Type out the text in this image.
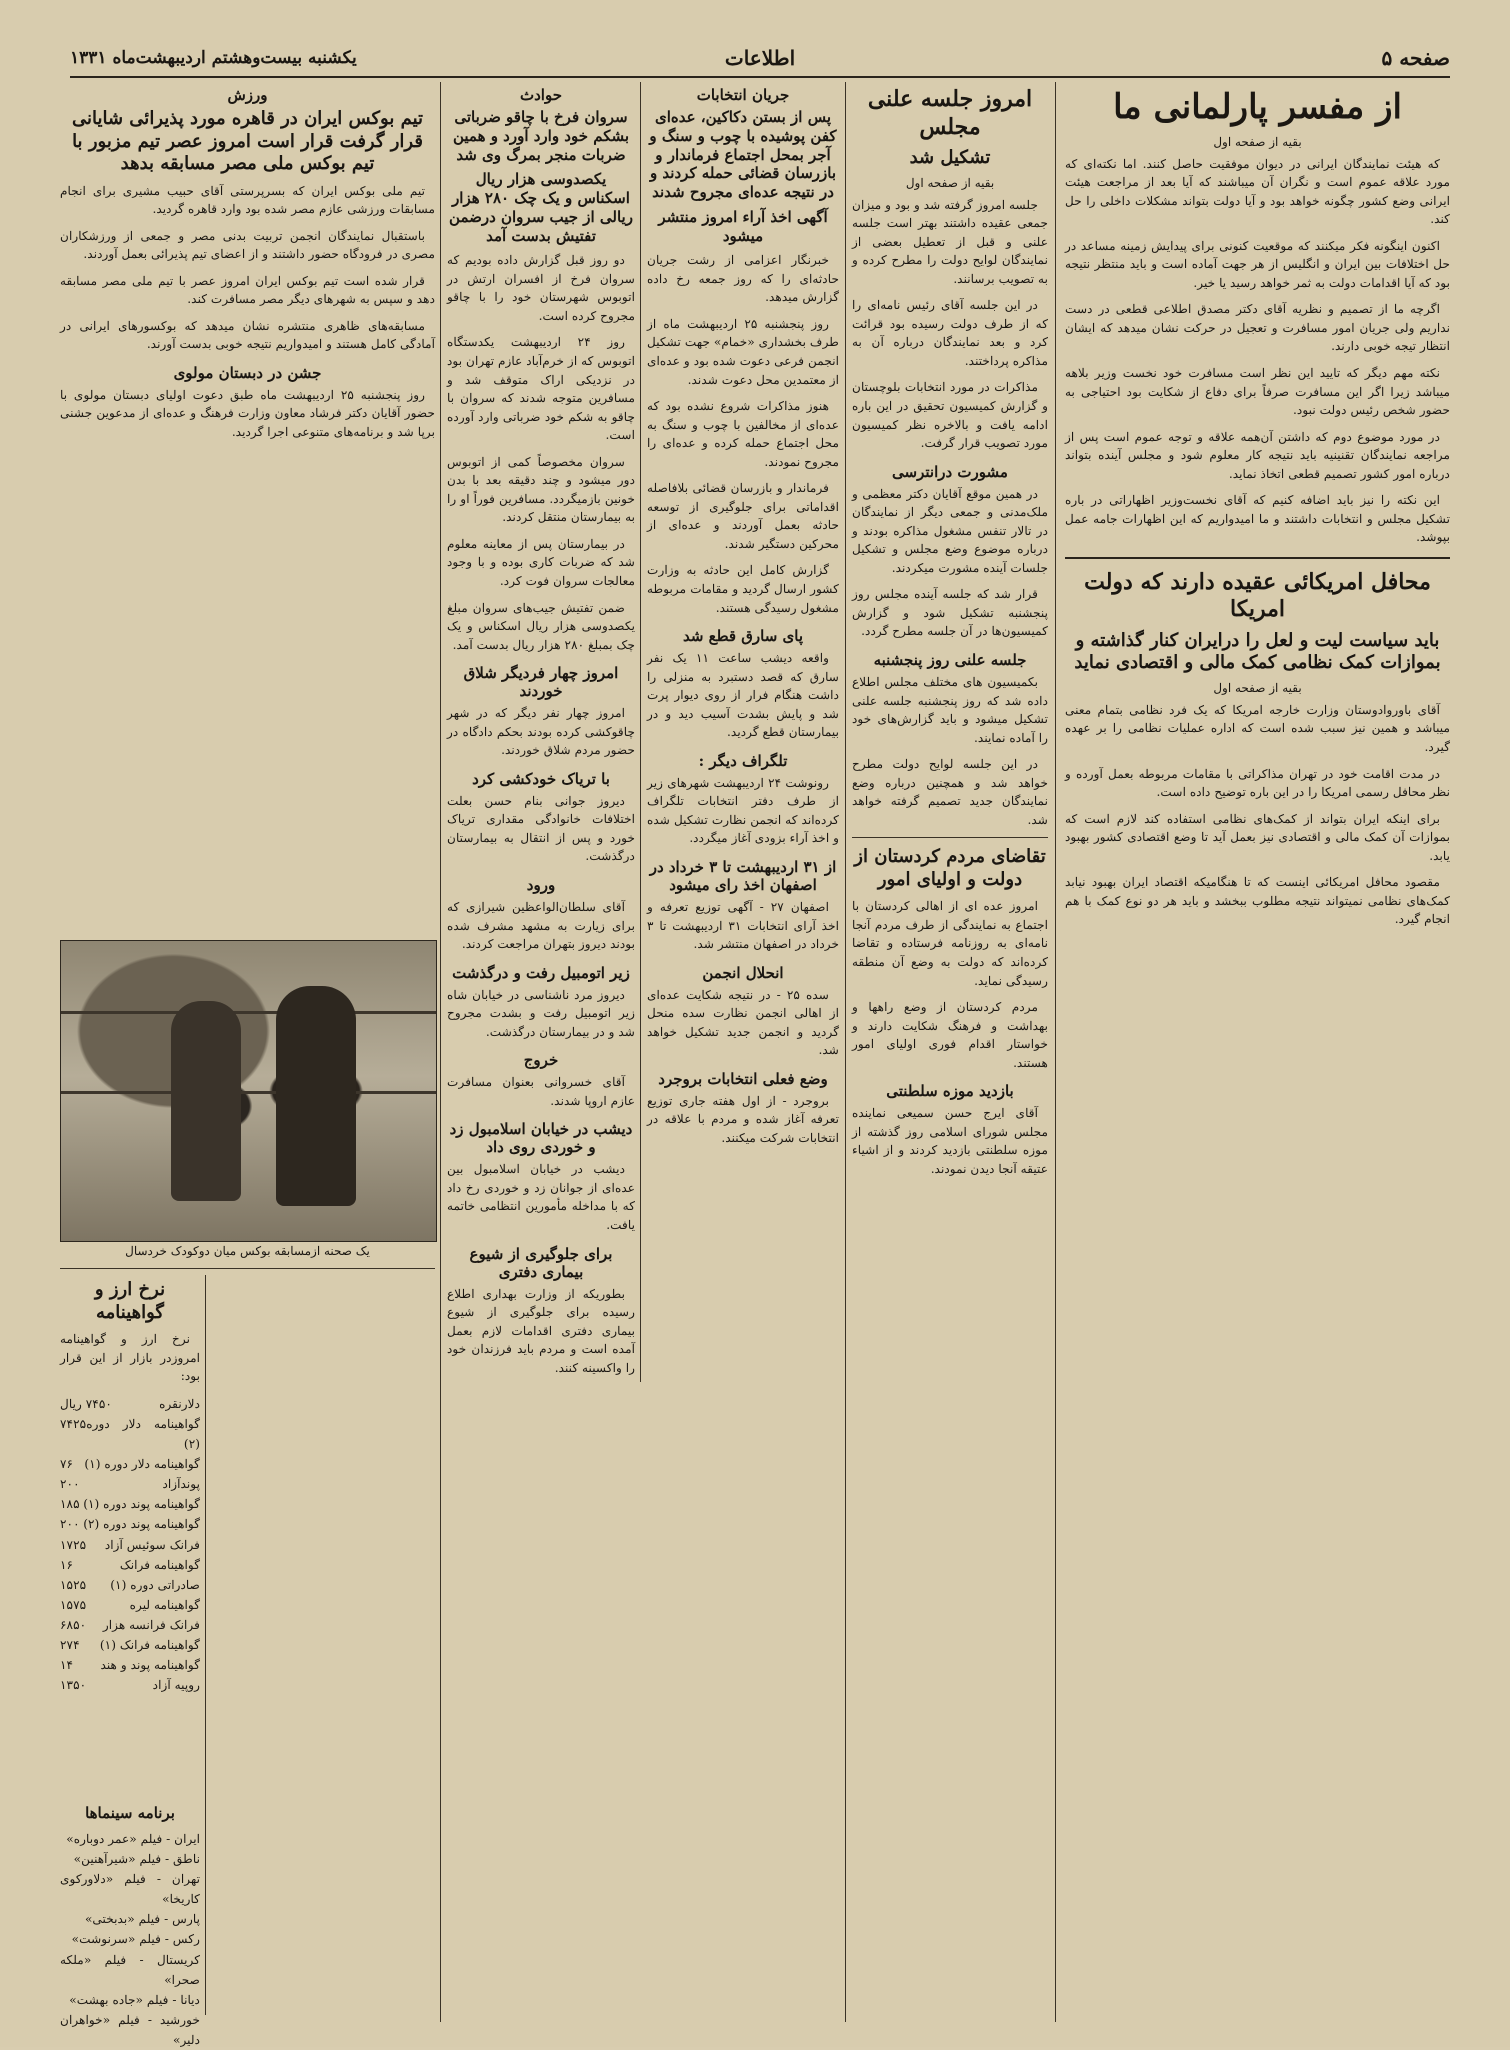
صفحه ۵
اطلاعات
یکشنبه بیست‌وهشتم اردیبهشت‌ماه ۱۳۳۱
از مفسر پارلمانی ما
بقیه از صفحه اول

که هیئت نمایندگان ایرانی در دیوان موفقیت حاصل کنند. اما نکته‌ای که مورد علاقه عموم است و نگران آن میباشند که آیا بعد از مراجعت هیئت ایرانی وضع کشور چگونه خواهد بود و آیا دولت بتواند مشکلات داخلی را حل کند.

اکنون اینگونه فکر میکنند که موقعیت کنونی برای پیدایش زمینه مساعد در حل اختلافات بین ایران و انگلیس از هر جهت آماده است و باید منتظر نتیجه بود که آیا اقدامات دولت به ثمر خواهد رسید یا خیر.

اگرچه ما از تصمیم و نظریه آقای دکتر مصدق اطلاعی قطعی در دست نداریم ولی جریان امور مسافرت و تعجیل در حرکت نشان میدهد که ایشان انتظار تیجه خوبی دارند.

نکته مهم دیگر که تایید این نظر است مسافرت خود نخست وزیر بلاهه میباشد زیرا اگر این مسافرت صرفاً برای دفاع از شکایت بود احتیاجی به حضور شخص رئیس دولت نبود.

در مورد موضوع دوم که داشتن آن‌همه علاقه و توجه عموم است پس از مراجعه نمایندگان تقنینیه باید نتیجه کار معلوم شود و مجلس آینده بتواند درباره امور کشور تصمیم قطعی اتخاذ نماید.

این نکته را نیز باید اضافه کنیم که آقای نخست‌وزیر اظهاراتی در باره تشکیل مجلس و انتخابات داشتند و ما امیدواریم که این اظهارات جامه عمل بپوشد.

محافل امریکائی عقیده دارند که دولت امریکا
باید سیاست لیت و لعل را درایران کنار گذاشته و بموازات کمک نظامی کمک مالی و اقتصادی نماید
بقیه از صفحه اول

آقای باوروادوستان وزارت خارجه امریکا که یک فرد نظامی بتمام معنی میباشد و همین نیز سبب شده است که اداره عملیات نظامی را بر عهده گیرد.

در مدت اقامت خود در تهران مذاکراتی با مقامات مربوطه بعمل آورده و نظر محافل رسمی امریکا را در این باره توضیح داده است.

برای اینکه ایران بتواند از کمک‌های نظامی استفاده کند لازم است که بموازات آن کمک مالی و اقتصادی نیز بعمل آید تا وضع اقتصادی کشور بهبود یابد.

مقصود محافل امریکائی اینست که تا هنگامیکه اقتصاد ایران بهبود نیابد کمک‌های نظامی نمیتواند نتیجه مطلوب ببخشد و باید هر دو نوع کمک با هم انجام گیرد.

امروز جلسه علنی مجلس
تشکیل شد
بقیه از صفحه اول

جلسه امروز گرفته شد و بود و میزان جمعی عقیده داشتند بهتر است جلسه علنی و قبل از تعطیل بعضی از نمایندگان لوایح دولت را مطرح کرده و به تصویب برسانند.

در این جلسه آقای رئیس نامه‌ای را که از طرف دولت رسیده بود قرائت کرد و بعد نمایندگان درباره آن به مذاکره پرداختند.

مذاکرات در مورد انتخابات بلوچستان و گزارش کمیسیون تحقیق در این باره ادامه یافت و بالاخره نظر کمیسیون مورد تصویب قرار گرفت.

مشورت درانترسی

در همین موقع آقایان دکتر معظمی و ملک‌مدنی و جمعی دیگر از نمایندگان در تالار تنفس مشغول مذاکره بودند و درباره موضوع وضع مجلس و تشکیل جلسات آینده مشورت میکردند.

قرار شد که جلسه آینده مجلس روز پنجشنبه تشکیل شود و گزارش کمیسیون‌ها در آن جلسه مطرح گردد.

جلسه علنی روز پنجشنبه

بکمیسیون های مختلف مجلس اطلاع داده شد که روز پنجشنبه جلسه علنی تشکیل میشود و باید گزارش‌های خود را آماده نمایند.

در این جلسه لوایح دولت مطرح خواهد شد و همچنین درباره وضع نمایندگان جدید تصمیم گرفته خواهد شد.

تقاضای مردم کردستان از دولت و اولیای امور

امروز عده ای از اهالی کردستان با اجتماع به نمایندگی از طرف مردم آنجا نامه‌ای به روزنامه فرستاده و تقاضا کرده‌اند که دولت به وضع آن منطقه رسیدگی نماید.

مردم کردستان از وضع راهها و بهداشت و فرهنگ شکایت دارند و خواستار اقدام فوری اولیای امور هستند.

بازدید موزه سلطنتی

آقای ایرج حسن سمیعی نماینده مجلس شورای اسلامی روز گذشته از موزه سلطنتی بازدید کردند و از اشیاء عتیقه آنجا دیدن نمودند.

جریان انتخابات
پس از بستن دکاکین، عده‌ای کفن پوشیده با چوب و سنگ و آجر بمحل اجتماع فرماندار و بازرسان قضائی حمله کردند و در نتیجه عده‌ای مجروح شدند
آگهی اخذ آراء امروز منتشر میشود

خبرنگار اعزامی از رشت جریان حادثه‌ای را که روز جمعه رخ داده گزارش میدهد.

روز پنجشنبه ۲۵ اردیبهشت ماه از طرف بخشداری «خمام» جهت تشکیل انجمن فرعی دعوت شده بود و عده‌ای از معتمدین محل دعوت شدند.

هنوز مذاکرات شروع نشده بود که عده‌ای از مخالفین با چوب و سنگ به محل اجتماع حمله کرده و عده‌ای را مجروح نمودند.

فرماندار و بازرسان قضائی بلافاصله اقداماتی برای جلوگیری از توسعه حادثه بعمل آوردند و عده‌ای از محرکین دستگیر شدند.

گزارش کامل این حادثه به وزارت کشور ارسال گردید و مقامات مربوطه مشغول رسیدگی هستند.

پای سارق قطع شد

واقعه دیشب ساعت ۱۱ یک نفر سارق که قصد دستبرد به منزلی را داشت هنگام فرار از روی دیوار پرت شد و پایش بشدت آسیب دید و در بیمارستان قطع گردید.

تلگراف دیگر :

رونوشت ۲۴ اردیبهشت شهرهای زیر از طرف دفتر انتخابات تلگراف کرده‌اند که انجمن نظارت تشکیل شده و اخذ آراء بزودی آغاز میگردد.

از ۳۱ اردیبهشت تا ۳ خرداد در اصفهان اخذ رای میشود

اصفهان ۲۷ - آگهی توزیع تعرفه و اخذ آرای انتخابات ۳۱ اردیبهشت تا ۳ خرداد در اصفهان منتشر شد.

انحلال انجمن

سده ۲۵ - در نتیجه شکایت عده‌ای از اهالی انجمن نظارت سده منحل گردید و انجمن جدید تشکیل خواهد شد.

وضع فعلی انتخابات بروجرد

بروجرد - از اول هفته جاری توزیع تعرفه آغاز شده و مردم با علاقه در انتخابات شرکت میکنند.

حوادث
سروان فرخ با چاقو ضرباتی بشکم خود وارد آورد و همین ضربات منجر بمرگ وی شد
یکصدوسی هزار ریال اسکناس و یک چک ۲۸۰ هزار ریالی از جیب سروان درضمن تفتیش بدست آمد

دو روز قبل گزارش داده بودیم که سروان فرخ از افسران ارتش در اتوبوس شهرستان خود را با چاقو مجروح کرده است.

روز ۲۴ اردیبهشت یکدستگاه اتوبوس که از خرم‌آباد عازم تهران بود در نزدیکی اراک متوقف شد و مسافرین متوجه شدند که سروان با چاقو به شکم خود ضرباتی وارد آورده است.

سروان مخصوصاً کمی از اتوبوس دور میشود و چند دقیقه بعد با بدن خونین بازمیگردد. مسافرین فوراً او را به بیمارستان منتقل کردند.

در بیمارستان پس از معاینه معلوم شد که ضربات کاری بوده و با وجود معالجات سروان فوت کرد.

ضمن تفتیش جیب‌های سروان مبلغ یکصدوسی هزار ریال اسکناس و یک چک بمبلغ ۲۸۰ هزار ریال بدست آمد.

امروز چهار فردیگر شلاق خوردند

امروز چهار نفر دیگر که در شهر چاقوکشی کرده بودند بحکم دادگاه در حضور مردم شلاق خوردند.

با تریاک خودکشی کرد

دیروز جوانی بنام حسن بعلت اختلافات خانوادگی مقداری تریاک خورد و پس از انتقال به بیمارستان درگذشت.

ورود

آقای سلطان‌الواعظین شیرازی که برای زیارت به مشهد مشرف شده بودند دیروز بتهران مراجعت کردند.

زیر اتومبیل رفت و درگذشت

دیروز مرد ناشناسی در خیابان شاه زیر اتومبیل رفت و بشدت مجروح شد و در بیمارستان درگذشت.

خروج

آقای خسروانی بعنوان مسافرت عازم اروپا شدند.

دیشب در خیابان اسلامبول زد و خوردی روی داد

دیشب در خیابان اسلامبول بین عده‌ای از جوانان زد و خوردی رخ داد که با مداخله مأمورین انتظامی خاتمه یافت.

برای جلوگیری از شیوع بیماری دفتری

بطوریکه از وزارت بهداری اطلاع رسیده برای جلوگیری از شیوع بیماری دفتری اقدامات لازم بعمل آمده است و مردم باید فرزندان خود را واکسینه کنند.

ورزش
تیم بوکس ایران در قاهره مورد پذیرائی شایانی قرار گرفت قرار است امروز عصر تیم مزبور با تیم بوکس ملی مصر مسابقه بدهد

تیم ملی بوکس ایران که بسرپرستی آقای حبیب مشیری برای انجام مسابقات ورزشی عازم مصر شده بود وارد قاهره گردید.

باستقبال نمایندگان انجمن تربیت بدنی مصر و جمعی از ورزشکاران مصری در فرودگاه حضور داشتند و از اعضای تیم پذیرائی بعمل آوردند.

قرار شده است تیم بوکس ایران امروز عصر با تیم ملی مصر مسابقه دهد و سپس به شهرهای دیگر مصر مسافرت کند.

مسابقه‌های ظاهری منتشره نشان میدهد که بوکسورهای ایرانی در آمادگی کامل هستند و امیدواریم نتیجه خوبی بدست آورند.

جشن در دبستان مولوی

روز پنجشنبه ۲۵ اردیبهشت ماه طبق دعوت اولیای دبستان مولوی با حضور آقایان دکتر فرشاد معاون وزارت فرهنگ و عده‌ای از مدعوین جشنی برپا شد و برنامه‌های متنوعی اجرا گردید.

یک صحنه ازمسابقه بوکس میان دوکودک خردسال
نرخ ارز و گواهینامه

نرخ ارز و گواهینامه امروزدر بازار از این قرار بود:

دلارنقره
۷۴۵۰ ریال
گواهینامه دلار دوره (۲)
۷۴۲۵
گواهینامه دلار دوره (۱)
۷۶
پوندآزاد
۲۰۰
گواهینامه پوند دوره (۱)
۱۸۵
گواهینامه پوند دوره (۲)
۲۰۰
فرانک سوئیس آزاد
۱۷۲۵
گواهینامه فرانک
۱۶
صادراتی دوره (۱)
۱۵۲۵
گواهینامه لیره
۱۵۷۵
فرانک فرانسه هزار
۶۸۵۰
گواهینامه فرانک (۱)
۲۷۴
گواهینامه پوند و هند
۱۴
روپیه آزاد
۱۳۵۰
برنامه سینماها
ایران - فیلم «عمر دوباره»
ناطق - فیلم «شیرآهنین»
تهران - فیلم «دلاورکوی کاریخا»
پارس - فیلم «بدبختی»
رکس - فیلم «سرنوشت»
کریستال - فیلم «ملکه صحرا»
دیانا - فیلم «جاده بهشت»
خورشید - فیلم «خواهران دلیر»
